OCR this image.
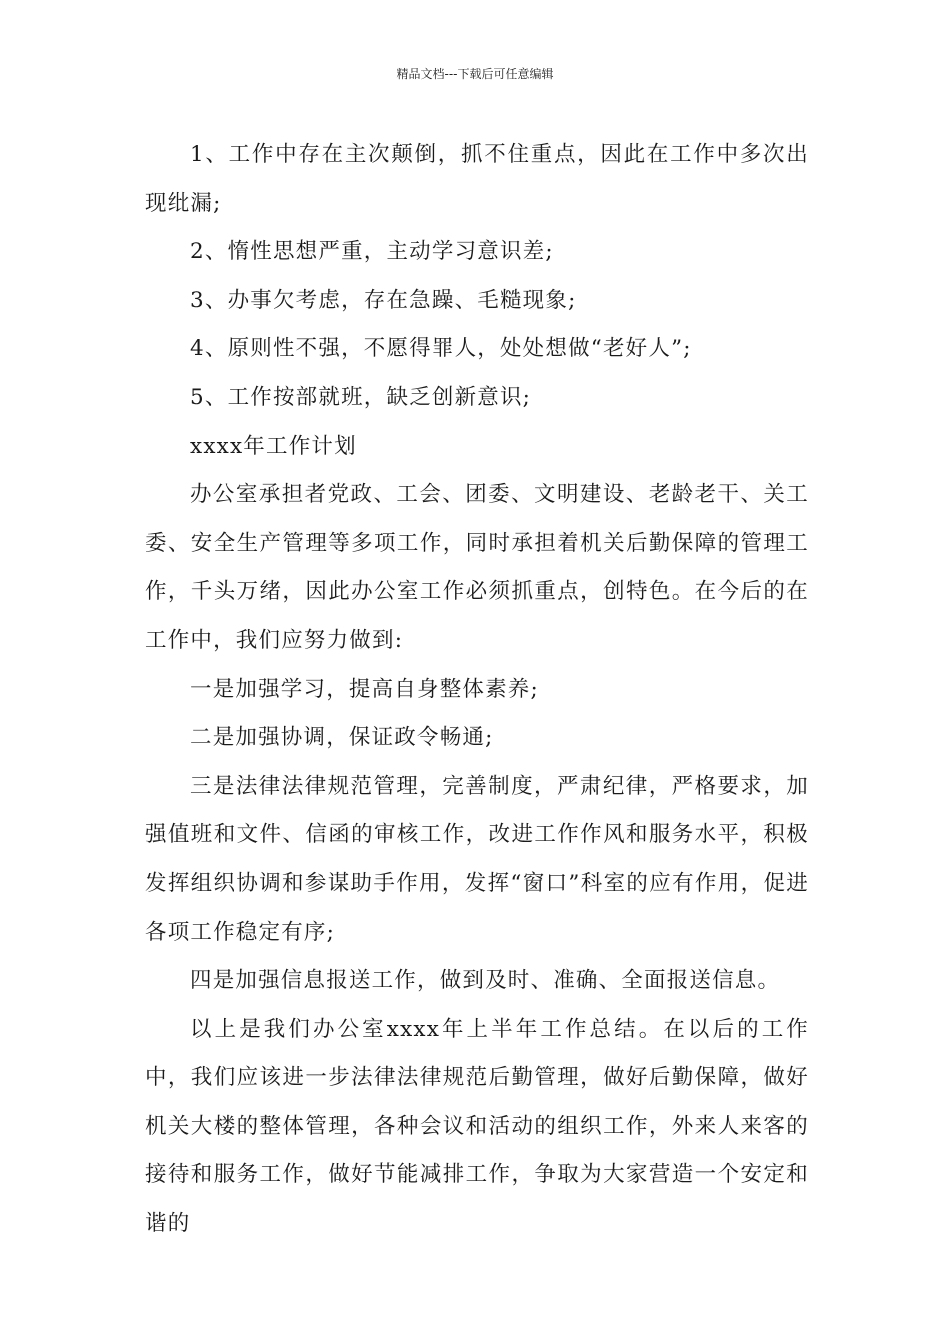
精品文档---下载后可任意编辑

1、工作中存在主次颠倒，抓不住重点，因此在工作中多次出现纰漏;

2、惰性思想严重，主动学习意识差;

3、办事欠考虑，存在急躁、毛糙现象;

4、原则性不强，不愿得罪人，处处想做“老好人”;

5、工作按部就班，缺乏创新意识;

xxxx年工作计划

办公室承担者党政、工会、团委、文明建设、老龄老干、关工委、安全生产管理等多项工作，同时承担着机关后勤保障的管理工作，千头万绪，因此办公室工作必须抓重点，创特色。在今后的在工作中，我们应努力做到:

一是加强学习，提高自身整体素养;

二是加强协调，保证政令畅通;

三是法律法律规范管理，完善制度，严肃纪律，严格要求，加强值班和文件、信函的审核工作，改进工作作风和服务水平，积极发挥组织协调和参谋助手作用，发挥“窗口”科室的应有作用，促进各项工作稳定有序;

四是加强信息报送工作，做到及时、准确、全面报送信息。

以上是我们办公室xxxx年上半年工作总结。在以后的工作中，我们应该进一步法律法律规范后勤管理，做好后勤保障，做好机关大楼的整体管理，各种会议和活动的组织工作，外来人来客的接待和服务工作，做好节能减排工作，争取为大家营造一个安定和谐的
